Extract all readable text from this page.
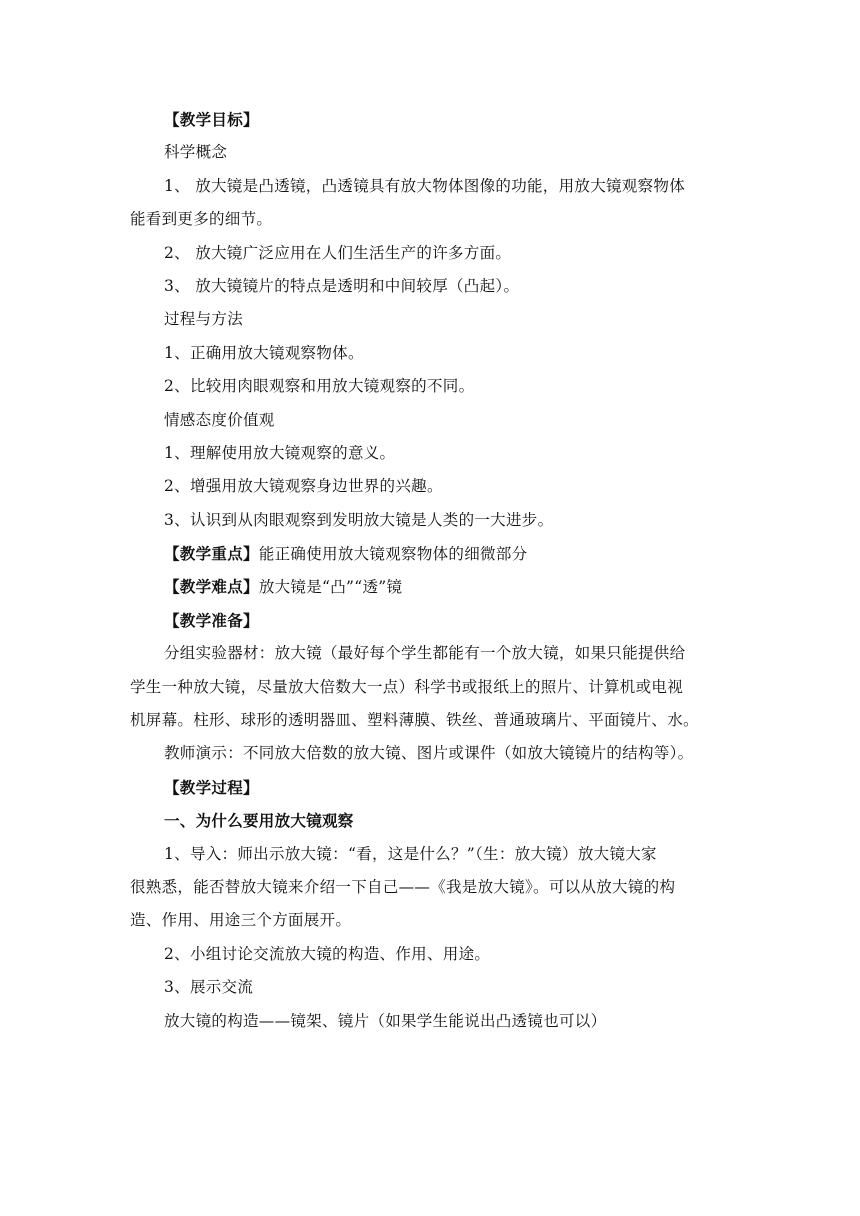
【教学目标】
科学概念
1、 放大镜是凸透镜，凸透镜具有放大物体图像的功能，用放大镜观察物体
能看到更多的细节。
2、 放大镜广泛应用在人们生活生产的许多方面。
3、 放大镜镜片的特点是透明和中间较厚（凸起）。
过程与方法
1、正确用放大镜观察物体。
2、比较用肉眼观察和用放大镜观察的不同。
情感态度价值观
1、理解使用放大镜观察的意义。
2、增强用放大镜观察身边世界的兴趣。
3、认识到从肉眼观察到发明放大镜是人类的一大进步。
【教学重点】能正确使用放大镜观察物体的细微部分
【教学难点】放大镜是“凸”“透”镜
【教学准备】
分组实验器材：放大镜（最好每个学生都能有一个放大镜，如果只能提供给
学生一种放大镜，尽量放大倍数大一点）科学书或报纸上的照片、计算机或电视
机屏幕。柱形、球形的透明器皿、塑料薄膜、铁丝、普通玻璃片、平面镜片、水。
教师演示：不同放大倍数的放大镜、图片或课件（如放大镜镜片的结构等）。
【教学过程】
一、为什么要用放大镜观察
1、导入：师出示放大镜：“看，这是什么？”（生：放大镜）放大镜大家
很熟悉，能否替放大镜来介绍一下自己——《我是放大镜》。可以从放大镜的构
造、作用、用途三个方面展开。
2、小组讨论交流放大镜的构造、作用、用途。
3、展示交流
放大镜的构造——镜架、镜片（如果学生能说出凸透镜也可以）
